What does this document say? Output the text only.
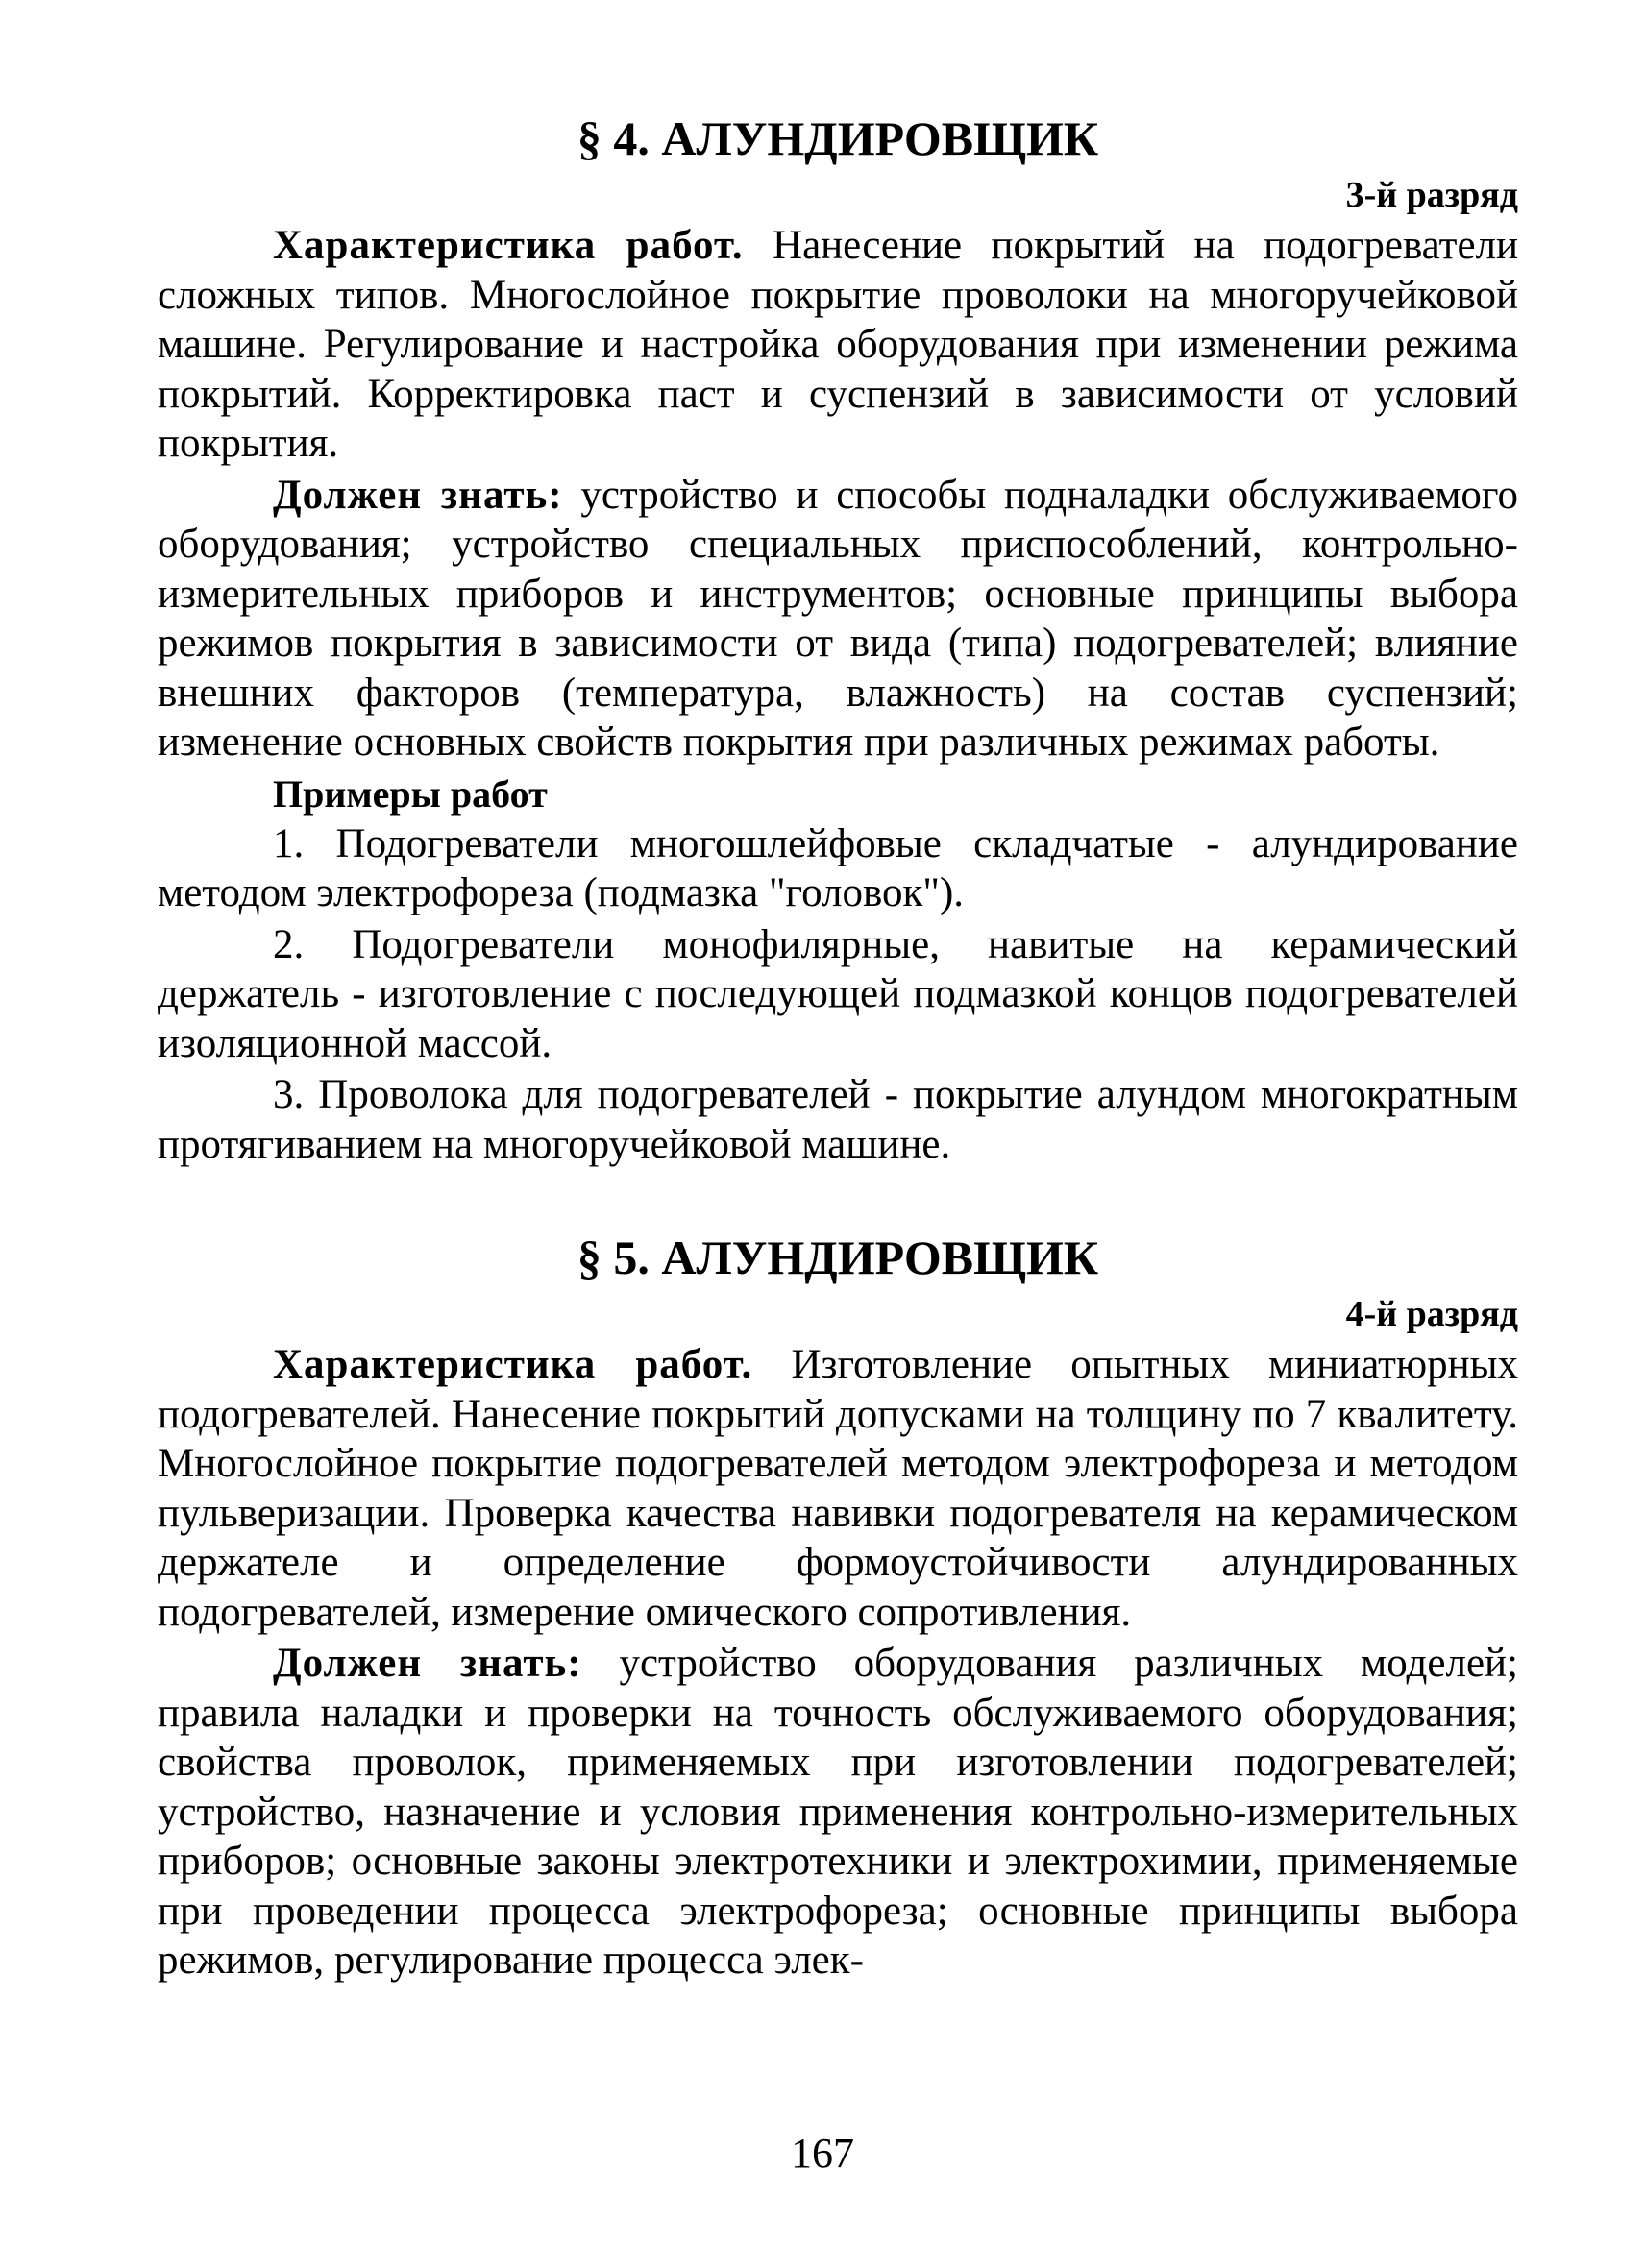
§ 4. АЛУНДИРОВЩИК

3-й разряд

Характеристика работ. Нанесение покрытий на подогреватели сложных типов. Многослойное покрытие проволоки на многоручейковой машине. Регулирование и настройка оборудования при изменении режима покрытий. Корректировка паст и суспензий в зависимости от условий покрытия.

Должен знать: устройство и способы подналадки обслуживаемого оборудования; устройство специальных приспособлений, контрольно-измерительных приборов и инструментов; основные принципы выбора режимов покрытия в зависимости от вида (типа) подогревателей; влияние внешних факторов (температура, влажность) на состав суспензий; изменение основных свойств покрытия при различных режимах работы.

Примеры работ

1. Подогреватели многошлейфовые складчатые - алундирование методом электрофореза (подмазка "головок").

2. Подогреватели монофилярные, навитые на керамический держатель - изготовление с последующей подмазкой концов подогревателей изоляционной массой.

3. Проволока для подогревателей - покрытие алундом многократным протягиванием на многоручейковой машине.

§ 5. АЛУНДИРОВЩИК

4-й разряд

Характеристика работ. Изготовление опытных миниатюрных подогревателей. Нанесение покрытий допусками на толщину по 7 квалитету. Многослойное покрытие подогревателей методом электрофореза и методом пульверизации. Проверка качества навивки подогревателя на керамическом держателе и определение формоустойчивости алундированных подогревателей, измерение омического сопротивления.

Должен знать: устройство оборудования различных моделей; правила наладки и проверки на точность обслуживаемого оборудования; свойства проволок, применяемых при изготовлении подогревателей; устройство, назначение и условия применения контрольно-измерительных приборов; основные законы электротехники и электрохимии, применяемые при проведении процесса электрофореза; основные принципы выбора режимов, регулирование процесса элек-

167
